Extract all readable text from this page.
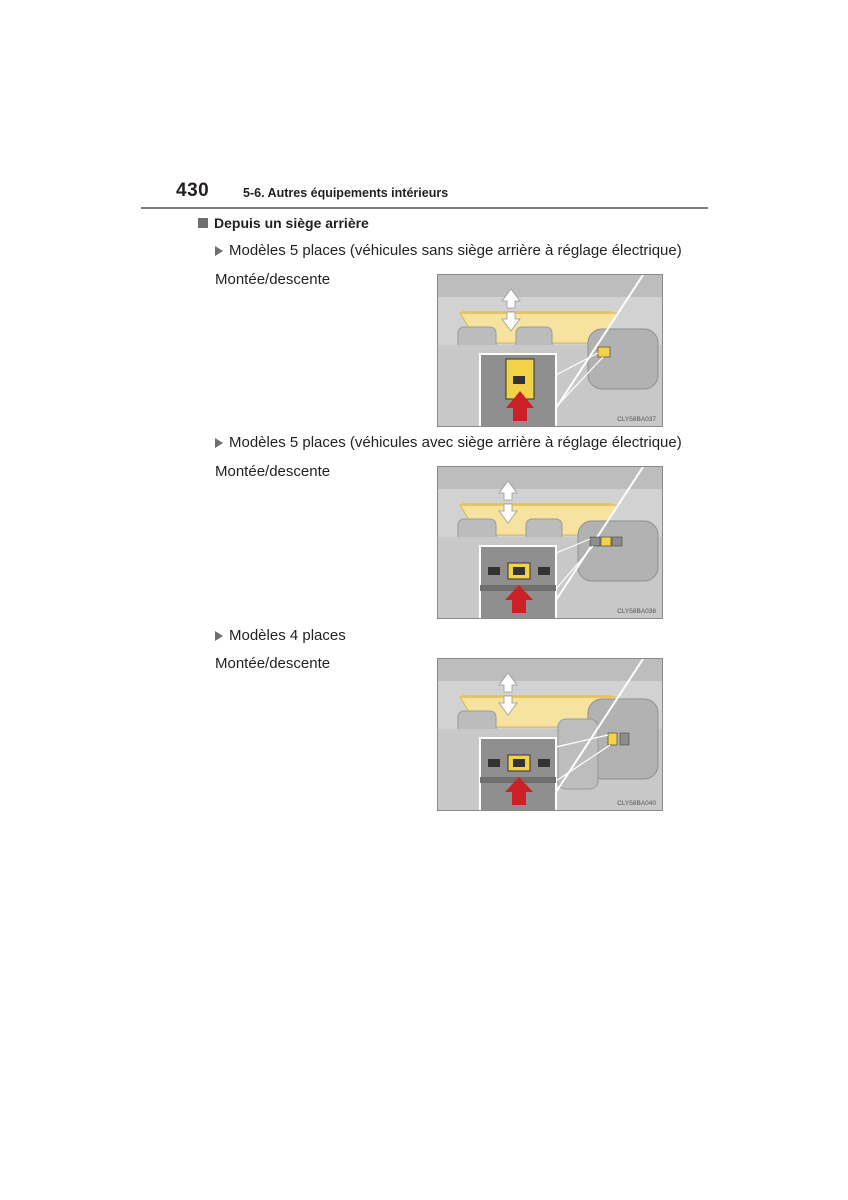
430	5-6. Autres équipements intérieurs
Depuis un siège arrière
Modèles 5 places (véhicules sans siège arrière à réglage électrique)
Montée/descente
CLY58BA037
Modèles 5 places (véhicules avec siège arrière à réglage électrique)
Montée/descente
CLY58BA038
Modèles 4 places
Montée/descente
CLY58BA040
